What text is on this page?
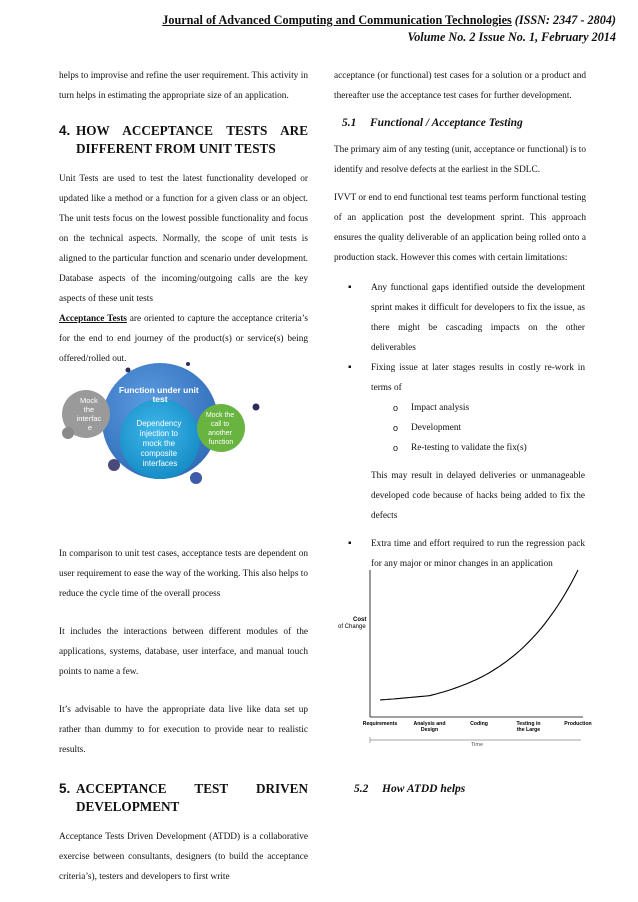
Journal of Advanced Computing and Communication Technologies (ISSN: 2347 - 2804)
Volume No. 2 Issue No. 1, February 2014

helps to improvise and refine the user requirement. This activity in turn helps in estimating the appropriate size of an application.

4. HOW ACCEPTANCE TESTS ARE DIFFERENT FROM UNIT TESTS

Unit Tests are used to test the latest functionality developed or updated like a method or a function for a given class or an object. The unit tests focus on the lowest possible functionality and focus on the technical aspects. Normally, the scope of unit tests is aligned to the particular function and scenario under development. Database aspects of the incoming/outgoing calls are the key aspects of these unit tests

Acceptance Tests are oriented to capture the acceptance criteria’s for the end to end journey of the product(s) or service(s) being offered/rolled out.

In comparison to unit test cases, acceptance tests are dependent on user requirement to ease the way of the working. This also helps to reduce the cycle time of the overall process

It includes the interactions between different modules of the applications, systems, database, user interface, and manual touch points to name a few.

It’s advisable to have the appropriate data live like data set up rather than dummy to for execution to provide near to realistic results.

5. ACCEPTANCE TEST DRIVEN DEVELOPMENT

Acceptance Tests Driven Development (ATDD) is a collaborative exercise between consultants, designers (to build the acceptance criteria’s), testers and developers to first write

Function under unit test
Dependency injection to mock the composite interfaces
Mock the interfac e
Mock the call to another function

acceptance (or functional) test cases for a solution or a product and thereafter use the acceptance test cases for further development.

5.1 Functional / Acceptance Testing

The primary aim of any testing (unit, acceptance or functional) is to identify and resolve defects at the earliest in the SDLC.

IVVT or end to end functional test teams perform functional testing of an application post the development sprint. This approach ensures the quality deliverable of an application being rolled onto a production stack. However this comes with certain limitations:

▪ Any functional gaps identified outside the development sprint makes it difficult for developers to fix the issue, as there might be cascading impacts on the other deliverables
▪ Fixing issue at later stages results in costly re-work in terms of
o Impact analysis
o Development
o Re-testing to validate the fix(s)

This may result in delayed deliveries or unmanageable developed code because of hacks being added to fix the defects

▪ Extra time and effort required to run the regression pack for any major or minor changes in an application
Cost
of Change
Requirements	Analysis and Design
Coding	Testing in the Large
Production
Time
5.2 How ATDD helps
